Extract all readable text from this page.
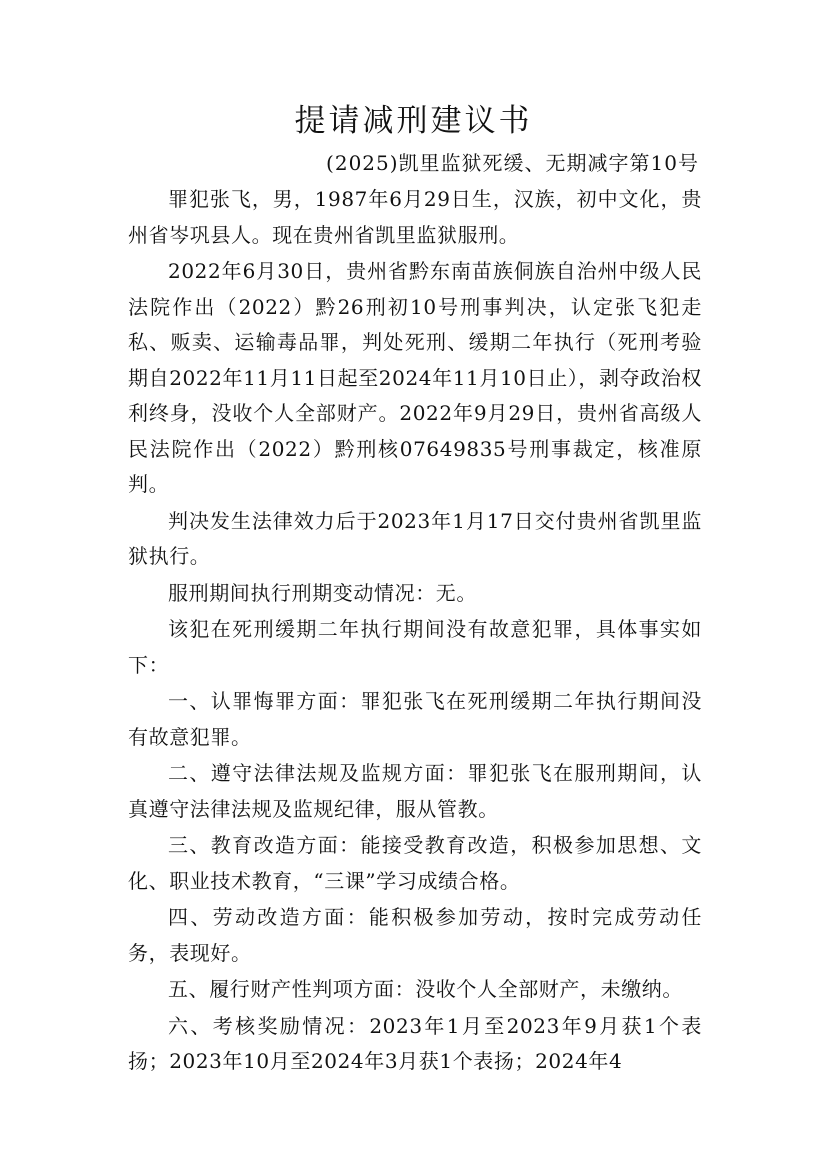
提请减刑建议书
(2025)凯里监狱死缓、无期减字第10号

罪犯张飞，男，1987年6月29日生，汉族，初中文化，贵州省岑巩县人。现在贵州省凯里监狱服刑。

2022年6月30日，贵州省黔东南苗族侗族自治州中级人民法院作出（2022）黔26刑初10号刑事判决，认定张飞犯走私、贩卖、运输毒品罪，判处死刑、缓期二年执行（死刑考验期自2022年11月11日起至2024年11月10日止），剥夺政治权利终身，没收个人全部财产。2022年9月29日，贵州省高级人民法院作出（2022）黔刑核07649835号刑事裁定，核准原判。

判决发生法律效力后于2023年1月17日交付贵州省凯里监狱执行。

服刑期间执行刑期变动情况：无。

该犯在死刑缓期二年执行期间没有故意犯罪，具体事实如下：

一、认罪悔罪方面：罪犯张飞在死刑缓期二年执行期间没有故意犯罪。

二、遵守法律法规及监规方面：罪犯张飞在服刑期间，认真遵守法律法规及监规纪律，服从管教。

三、教育改造方面：能接受教育改造，积极参加思想、文化、职业技术教育，“三课”学习成绩合格。

四、劳动改造方面：能积极参加劳动，按时完成劳动任务，表现好。

五、履行财产性判项方面：没收个人全部财产，未缴纳。

六、考核奖励情况：2023年1月至2023年9月获1个表扬；2023年10月至2024年3月获1个表扬；2024年4
